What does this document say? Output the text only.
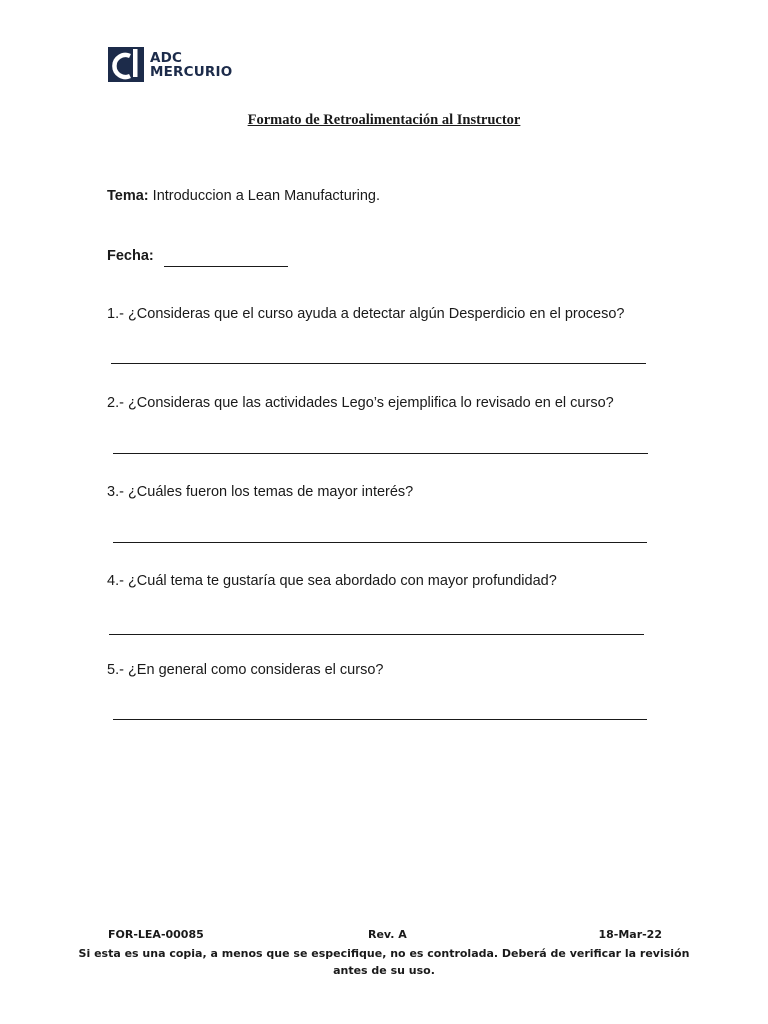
ADC
MERCURIO
Formato de Retroalimentación al Instructor
Tema: Introduccion a Lean Manufacturing.
Fecha:
1.- ¿Consideras que el curso ayuda a detectar algún Desperdicio en el proceso?
2.- ¿Consideras que las actividades Lego’s ejemplifica lo revisado en el curso?
3.- ¿Cuáles fueron los temas de mayor interés?
4.- ¿Cuál tema te gustaría que sea abordado con mayor profundidad?
5.- ¿En general como consideras el curso?
FOR-LEA-00085	Rev. A	18-Mar-22
Si esta es una copia, a menos que se especifique, no es controlada. Deberá de verificar la revisión
antes de su uso.
